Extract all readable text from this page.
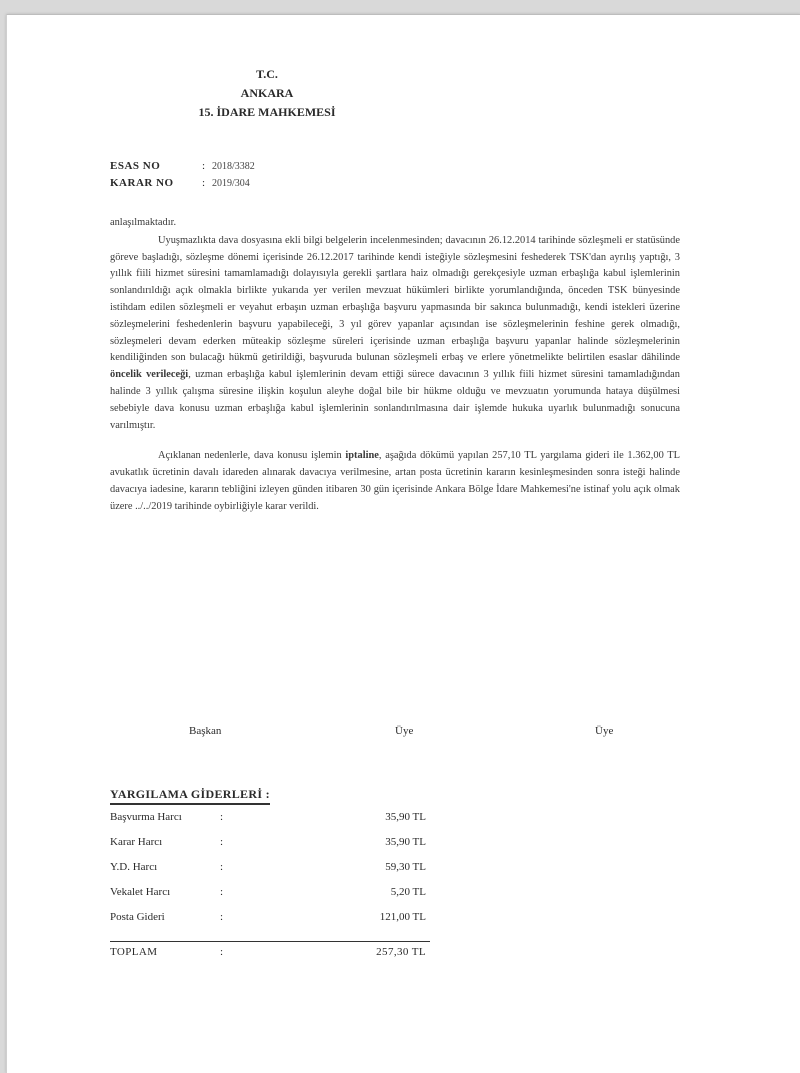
T.C.
ANKARA
15. İDARE MAHKEMESİ
ESAS NO	: 2018/3382
KARAR NO	: 2019/304

anlaşılmaktadır.

Uyuşmazlıkta dava dosyasına ekli bilgi belgelerin incelenmesinden; davacının 26.12.2014 tarihinde sözleşmeli er statüsünde göreve başladığı, sözleşme dönemi içerisinde 26.12.2017 tarihinde kendi isteğiyle sözleşmesini feshederek TSK'dan ayrılış yaptığı, 3 yıllık fiili hizmet süresini tamamlamadığı dolayısıyla gerekli şartlara haiz olmadığı gerekçesiyle uzman erbaşlığa kabul işlemlerinin sonlandırıldığı açık olmakla birlikte yukarıda yer verilen mevzuat hükümleri birlikte yorumlandığında, önceden TSK bünyesinde istihdam edilen sözleşmeli er veyahut erbaşın uzman erbaşlığa başvuru yapmasında bir sakınca bulunmadığı, kendi istekleri üzerine sözleşmelerini feshedenlerin başvuru yapabileceği, 3 yıl görev yapanlar açısından ise sözleşmelerinin feshine gerek olmadığı, sözleşmeleri devam ederken müteakip sözleşme süreleri içerisinde uzman erbaşlığa başvuru yapanlar halinde sözleşmelerinin kendiliğinden son bulacağı hükmü getirildiği, başvuruda bulunan sözleşmeli erbaş ve erlere yönetmelikte belirtilen esaslar dâhilinde öncelik verileceği, uzman erbaşlığa kabul işlemlerinin devam ettiği sürece davacının 3 yıllık fiili hizmet süresini tamamladığından halinde 3 yıllık çalışma süresine ilişkin koşulun aleyhe doğal bile bir hükme olduğu ve mevzuatın yorumunda hataya düşülmesi sebebiyle dava konusu uzman erbaşlığa kabul işlemlerinin sonlandırılmasına dair işlemde hukuka uyarlık bulunmadığı sonucuna varılmıştır.

Açıklanan nedenlerle, dava konusu işlemin iptaline, aşağıda dökümü yapılan 257,10 TL yargılama gideri ile 1.362,00 TL avukatlık ücretinin davalı idareden alınarak davacıya verilmesine, artan posta ücretinin kararın kesinleşmesinden sonra isteği halinde davacıya iadesine, kararın tebliğini izleyen günden itibaren 30 gün içerisinde Ankara Bölge İdare Mahkemesi'ne istinaf yolu açık olmak üzere ../../2019 tarihinde oybirliğiyle karar verildi.

Başkan	Üye	Üye
YARGILAMA GİDERLERİ :
Başvurma Harcı	:	35,90 TL
Karar Harcı	:	35,90 TL
Y.D. Harcı	:	59,30 TL
Vekalet Harcı	:	5,20 TL
Posta Gideri	:	121,00 TL
TOPLAM	:	257,30 TL
